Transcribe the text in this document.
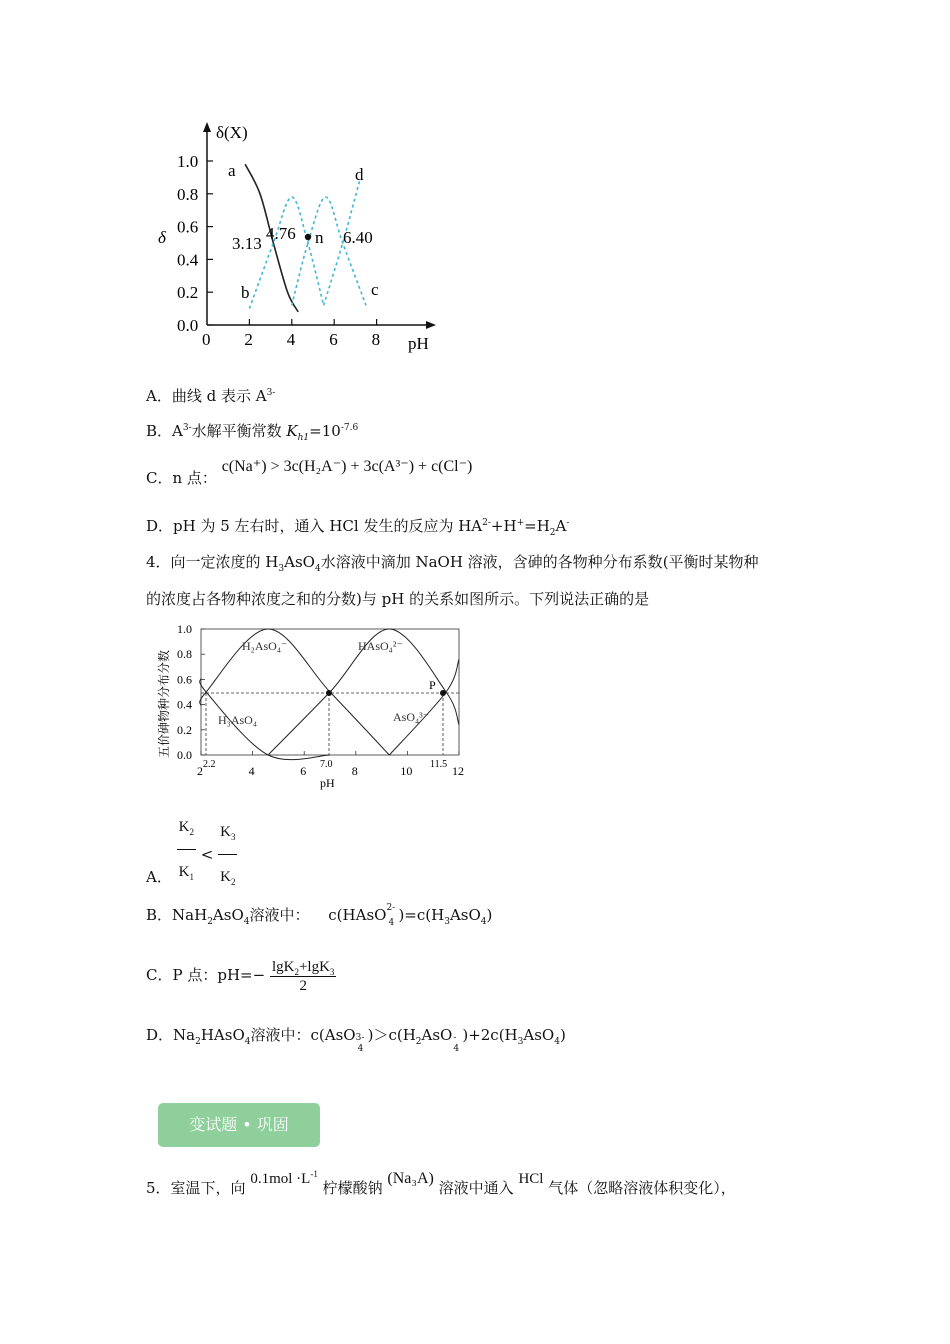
δ(X)
δ
pH
1.0
0.8
0.6
0.4
0.2
0.0
0 2 4 6 8
a
b	c
d
n
3.13
4.76	6.40
A．曲线 d 表示 $A^{3-}$
B．$A^{3-}$水解平衡常数 $K_{h1}=10^{-7.6}$
C．n 点： c(Na⁺) > 3c(H₂A⁻) + 3c(A³⁻) + c(Cl⁻)
D．pH 为 5 左右时，通入 HCl 发生的反应为 $HA^{2-}+H^+=H_2A^-$
4．向一定浓度的 $H_3AsO_4$水溶液中滴加 NaOH 溶液，含砷的各物种分布系数(平衡时某物种
的浓度占各物种浓度之和的分数)与 pH 的关系如图所示。下列说法正确的是
五价砷物种分布分数
1.0
0.8
0.6
0.4
0.2
0.0
2	4	6	8	10	12
P
H₂AsO₄⁻	HAsO₄²⁻
H₃AsO₄	AsO₄³⁻
2.2	7.0	11.5
pH
A． $\frac{K_2}{K_1} < \frac{K_3}{K_2}$
B．NaH$_2$AsO$_4$溶液中： c(HAsO 2-
4 )$=c(H_3AsO_4)$
C．P 点：$pH=- \frac{\lg K_2+\lg K_3}{2}$
D．$Na_2HAsO_4$溶液中：c(AsO 3-
4
)$>c(H_2AsO$ -
4
)$+2c(H_3AsO_4)$
变试题 • 巩固
5．室温下，向 $0.1mol \cdot L^{-1}$ 柠檬酸钠 (Na₃A) 溶液中通入 HCl 气体（忽略溶液体积变化），
